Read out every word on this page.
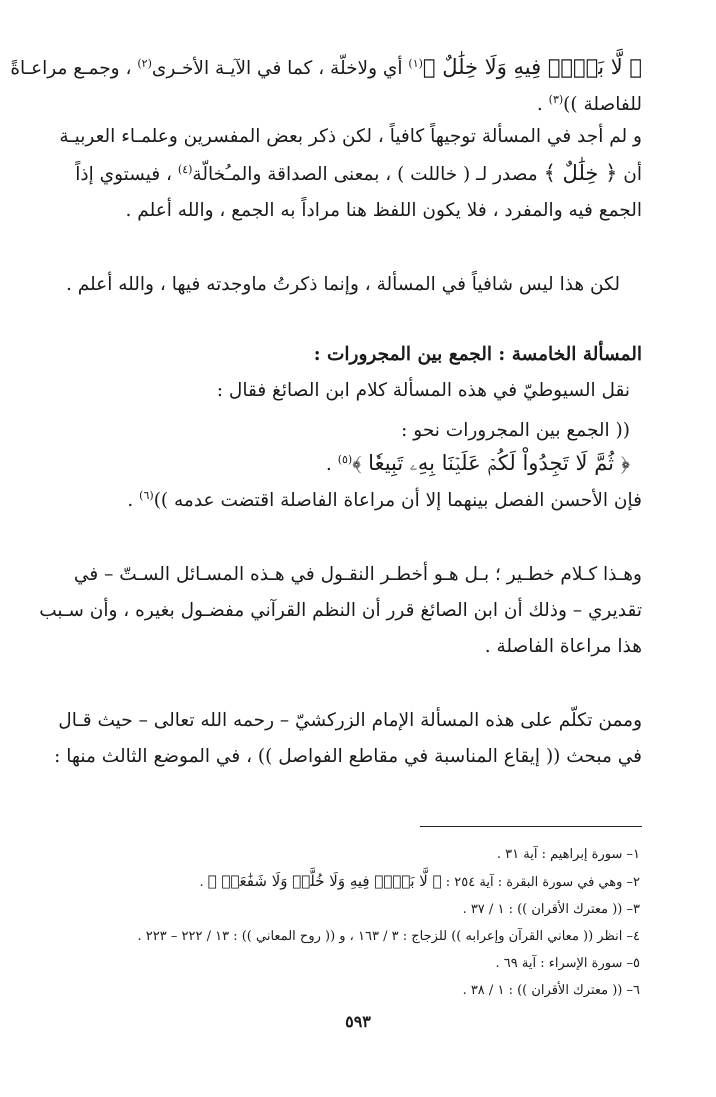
﴿ لَّا بَيۡعٞ فِيهِ وَلَا خِلَٰلٌ ﴾$^{(١)}$ أي ولاخلّة ، كما في الآيـة الأخـرى$^{(٢)}$ ، وجمـع مراعـاةً
للفاصلة ))$^{(٣)}$ .
و لم أجد في المسألة توجيهاً كافياً ، لكن ذكر بعض المفسرين وعلمـاء العربيـة
أن ﴿ خِلَٰلٌ ﴾ مصدر لـ ( خاللت ) ، بمعنى الصداقة والمـُخالّة$^{(٤)}$ ، فيستوي إذاً
الجمع فيه والمفرد ، فلا يكون اللفظ هنا مراداً به الجمع ، والله أعلم .
لكن هذا ليس شافياً في المسألة ، وإنما ذكرتُ ماوجدته فيها ، والله أعلم .
المسألة الخامسة : الجمع بين المجرورات :
نقل السيوطيّ في هذه المسألة كلام ابن الصائغ فقال :
(( الجمع بين المجرورات نحو :
﴿ ثُمَّ لَا تَجِدُواْ لَكُمۡ عَلَيۡنَا بِهِۦ تَبِيعٗا ﴾$^{(٥)}$ .
فإن الأحسن الفصل بينهما إلا أن مراعاة الفاصلة اقتضت عدمه ))$^{(٦)}$ .
وهـذا كـلام خطـير ؛ بـل هـو أخطـر النقـول في هـذه المسـائل السـتّ – في
تقديري – وذلك أن ابن الصائغ قرر أن النظم القرآني مفضـول بغيره ، وأن سـبب
هذا مراعاة الفاصلة .
وممن تكلّم على هذه المسألة الإمام الزركشيّ – رحمه الله تعالى – حيث قـال
في مبحث (( إيقاع المناسبة في مقاطع الفواصل )) ، في الموضع الثالث منها :
١– سورة إبراهيم : آية ٣١ .
٢– وهي في سورة البقرة : آية ٢٥٤ : ﴿ لَّا بَيۡعٞ فِيهِ وَلَا خُلَّةٞ وَلَا شَفَٰعَةٞ ﴾ .
٣– (( معترك الأقران )) : ١ / ٣٧ .
٤– انظر (( معاني القرآن وإعرابه )) للزجاج : ٣ / ١٦٣ ، و (( روح المعاني )) : ١٣ / ٢٢٢ – ٢٢٣ .
٥– سورة الإسراء : آية ٦٩ .
٦– (( معترك الأقران )) : ١ / ٣٨ .
٥٩٣
